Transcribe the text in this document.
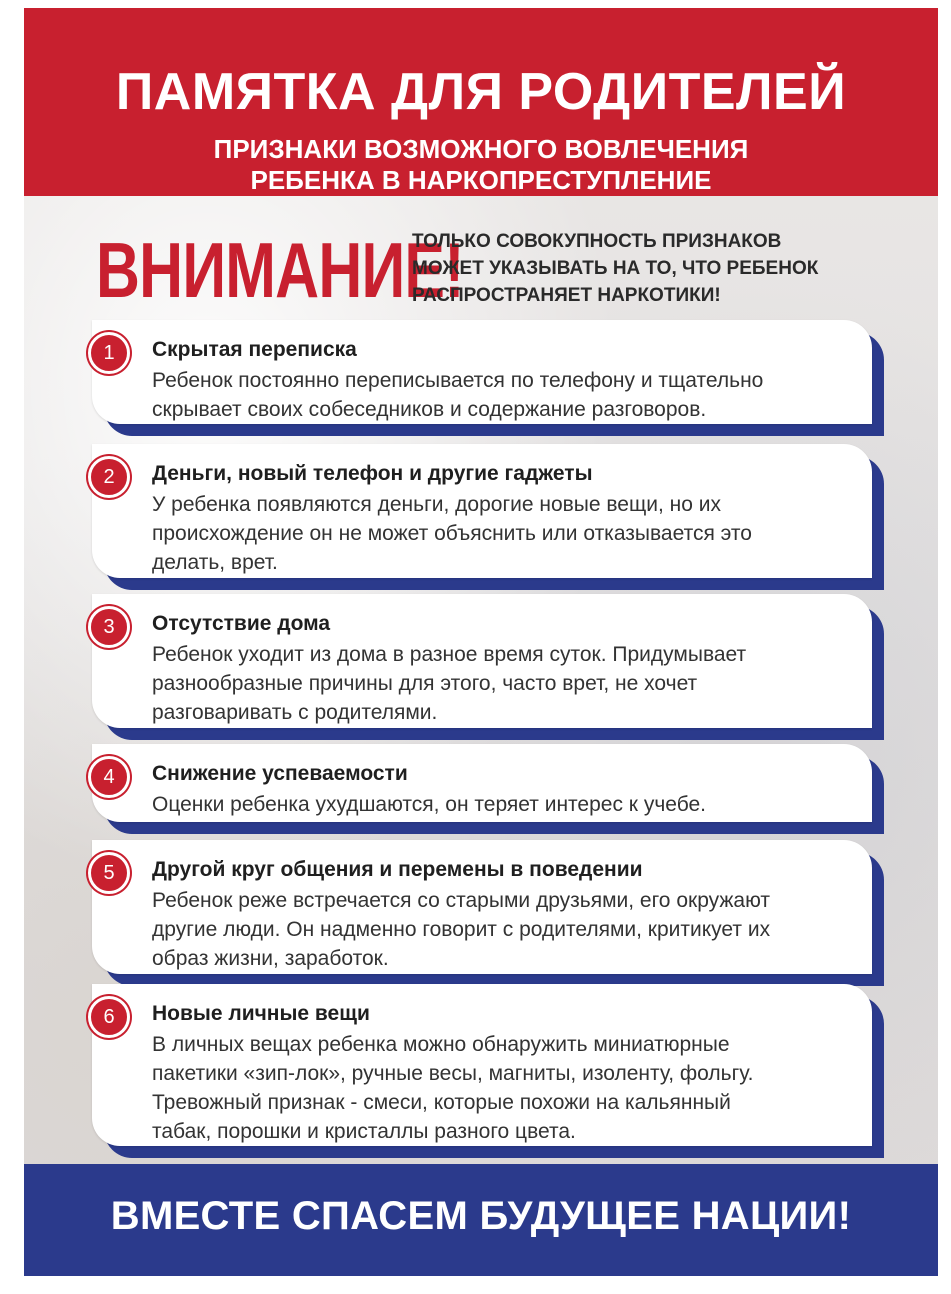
ПАМЯТКА ДЛЯ РОДИТЕЛЕЙ
ПРИЗНАКИ ВОЗМОЖНОГО ВОВЛЕЧЕНИЯ
РЕБЕНКА В НАРКОПРЕСТУПЛЕНИЕ
ВНИМАНИЕ!
ТОЛЬКО СОВОКУПНОСТЬ ПРИЗНАКОВ
МОЖЕТ УКАЗЫВАТЬ НА ТО, ЧТО РЕБЕНОК
РАСПРОСТРАНЯЕТ НАРКОТИКИ!
1	Скрытая переписка
Ребенок постоянно переписывается по телефону и тщательно
скрывает своих собеседников и содержание разговоров.
2	Деньги, новый телефон и другие гаджеты
У ребенка появляются деньги, дорогие новые вещи, но их
происхождение он не может объяснить или отказывается это
делать, врет.
3	Отсутствие дома
Ребенок уходит из дома в разное время суток. Придумывает
разнообразные причины для этого, часто врет, не хочет
разговаривать с родителями.
4	Снижение успеваемости
Оценки ребенка ухудшаются, он теряет интерес к учебе.
5	Другой круг общения и перемены в поведении
Ребенок реже встречается со старыми друзьями, его окружают
другие люди. Он надменно говорит с родителями, критикует их
образ жизни, заработок.
6	Новые личные вещи
В личных вещах ребенка можно обнаружить миниатюрные
пакетики «зип-лок», ручные весы, магниты, изоленту, фольгу.
Тревожный признак - смеси, которые похожи на кальянный
табак, порошки и кристаллы разного цвета.
ВМЕСТЕ СПАСЕМ БУДУЩЕЕ НАЦИИ!
